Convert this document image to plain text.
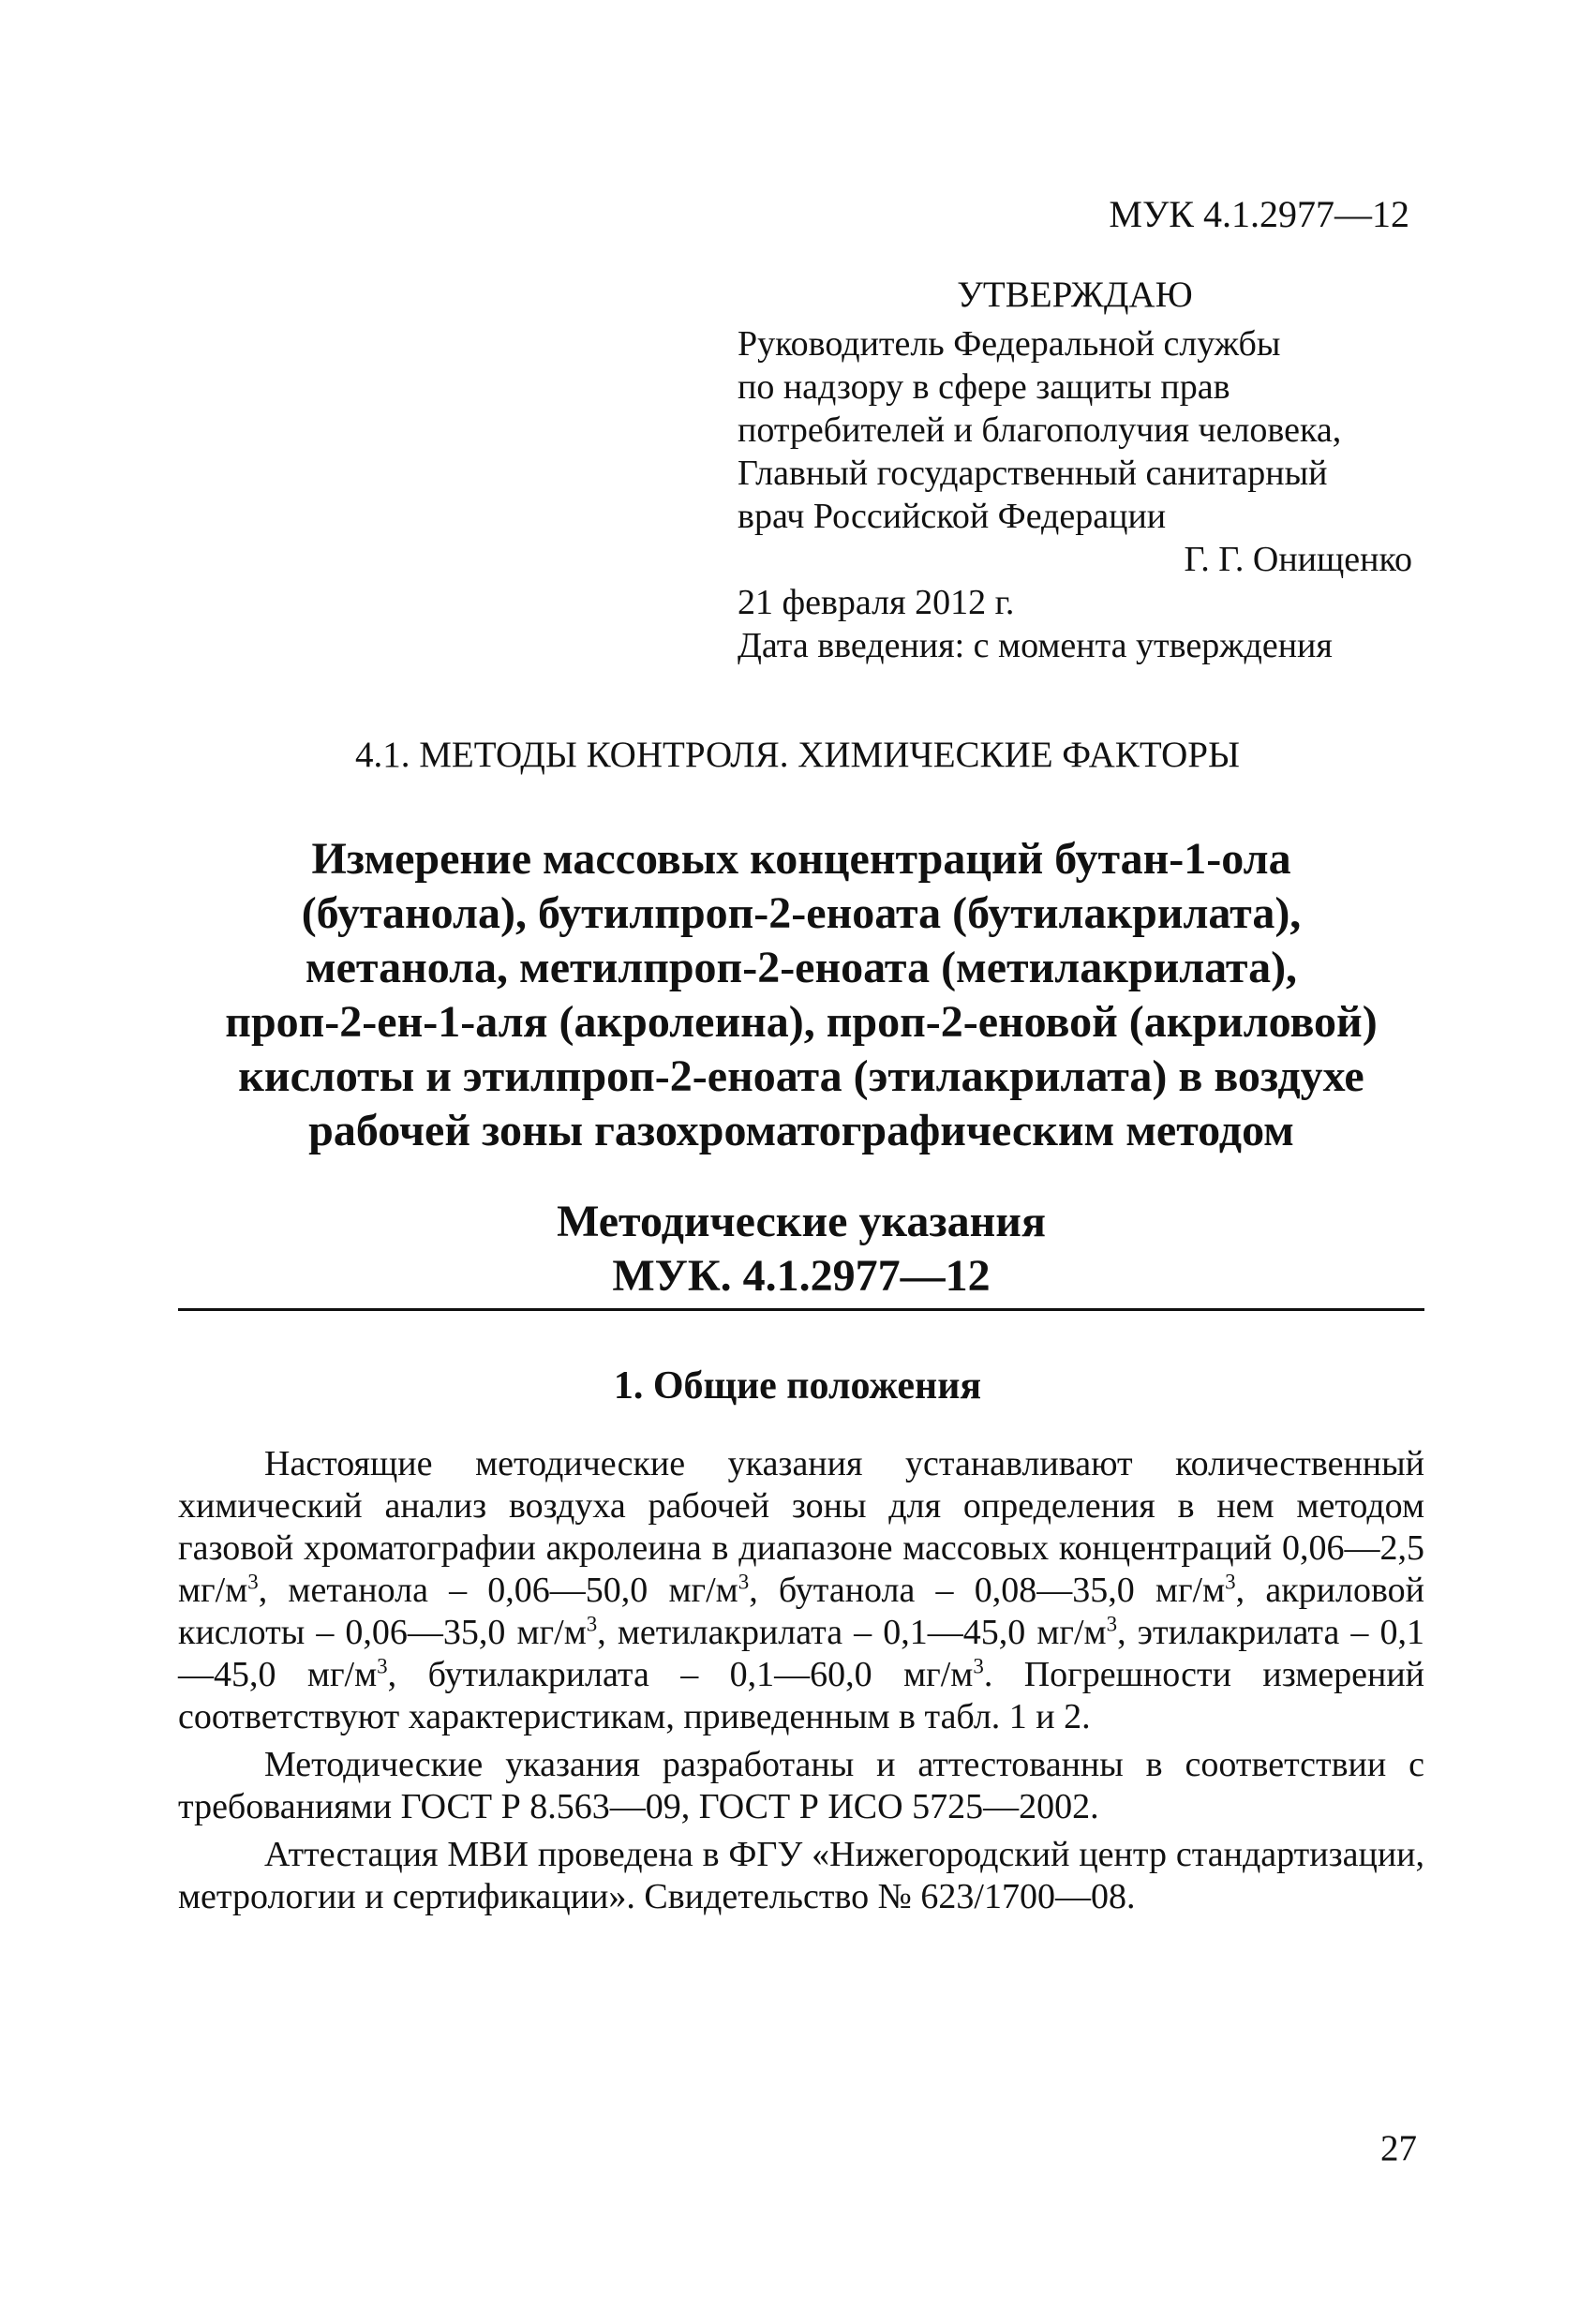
МУК 4.1.2977—12
УТВЕРЖДАЮ
Руководитель Федеральной службы
по надзору в сфере защиты прав
потребителей и благополучия человека,
Главный государственный санитарный
врач Российской Федерации
Г. Г. Онищенко
21 февраля 2012 г.
Дата введения: с момента утверждения
4.1. МЕТОДЫ КОНТРОЛЯ. ХИМИЧЕСКИЕ ФАКТОРЫ
Измерение массовых концентраций бутан-1-ола
(бутанола), бутилпроп-2-еноата (бутилакрилата),
метанола, метилпроп-2-еноата (метилакрилата),
проп-2-ен-1-аля (акролеина), проп-2-еновой (акриловой)
кислоты и этилпроп-2-еноата (этилакрилата) в воздухе
рабочей зоны газохроматографическим методом
Методические указания
МУК. 4.1.2977—12
1. Общие положения

Настоящие методические указания устанавливают количественный химический анализ воздуха рабочей зоны для определения в нем методом газовой хроматографии акролеина в диапазоне массовых концентраций 0,06—2,5 $мг/м^3$, метанола – 0,06—50,0 $мг/м^3$, бутанола – 0,08—35,0 $мг/м^3$, акриловой кислоты – 0,06—35,0 $мг/м^3$, метилакрилата – 0,1—45,0 $мг/м^3$, этилакрилата – 0,1—45,0 $мг/м^3$, бутилакрилата – 0,1—60,0 $мг/м^3$. Погрешности измерений соответствуют характеристикам, приведенным в табл. 1 и 2.

Методические указания разработаны и аттестованны в соответствии с требованиями ГОСТ Р 8.563—09, ГОСТ Р ИСО 5725—2002.

Аттестация МВИ проведена в ФГУ «Нижегородский центр стандартизации, метрологии и сертификации». Свидетельство № 623/1700—08.

27
